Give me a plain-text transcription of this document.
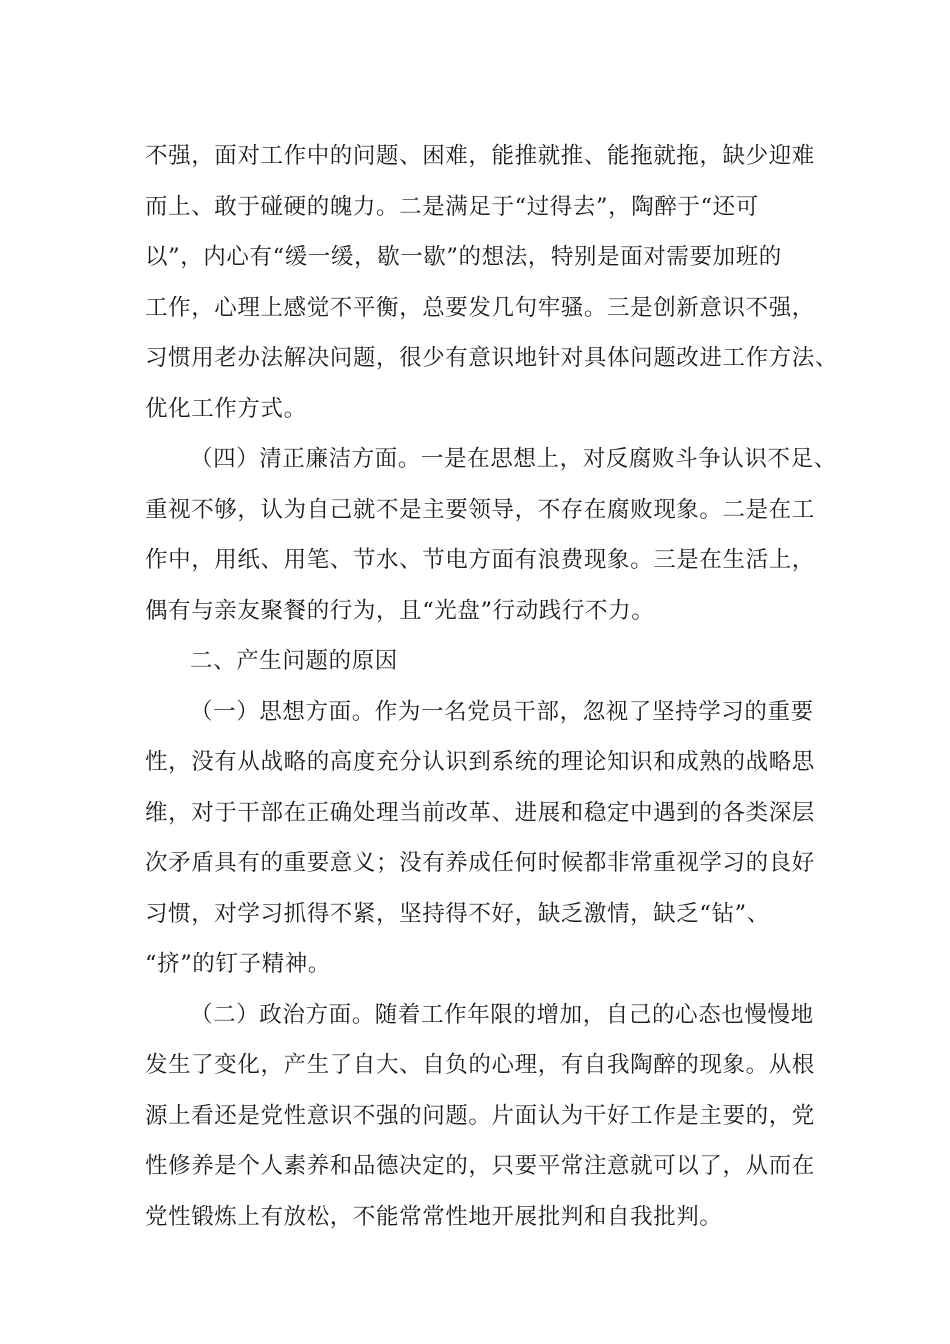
不强，面对工作中的问题、困难，能推就推、能拖就拖，缺少迎难
而上、敢于碰硬的魄力。二是满足于“过得去”，陶醉于“还可
以”，内心有“缓一缓，歇一歇”的想法，特别是面对需要加班的
工作，心理上感觉不平衡，总要发几句牢骚。三是创新意识不强，
习惯用老办法解决问题，很少有意识地针对具体问题改进工作方法、
优化工作方式。
（四）清正廉洁方面。一是在思想上，对反腐败斗争认识不足、
重视不够，认为自己就不是主要领导，不存在腐败现象。二是在工
作中，用纸、用笔、节水、节电方面有浪费现象。三是在生活上，
偶有与亲友聚餐的行为，且“光盘”行动践行不力。
二、产生问题的原因
（一）思想方面。作为一名党员干部，忽视了坚持学习的重要
性，没有从战略的高度充分认识到系统的理论知识和成熟的战略思
维，对于干部在正确处理当前改革、进展和稳定中遇到的各类深层
次矛盾具有的重要意义；没有养成任何时候都非常重视学习的良好
习惯，对学习抓得不紧，坚持得不好，缺乏激情，缺乏“钻”、
“挤”的钉子精神。
（二）政治方面。随着工作年限的增加，自己的心态也慢慢地
发生了变化，产生了自大、自负的心理，有自我陶醉的现象。从根
源上看还是党性意识不强的问题。片面认为干好工作是主要的，党
性修养是个人素养和品德决定的，只要平常注意就可以了，从而在
党性锻炼上有放松，不能常常性地开展批判和自我批判。
